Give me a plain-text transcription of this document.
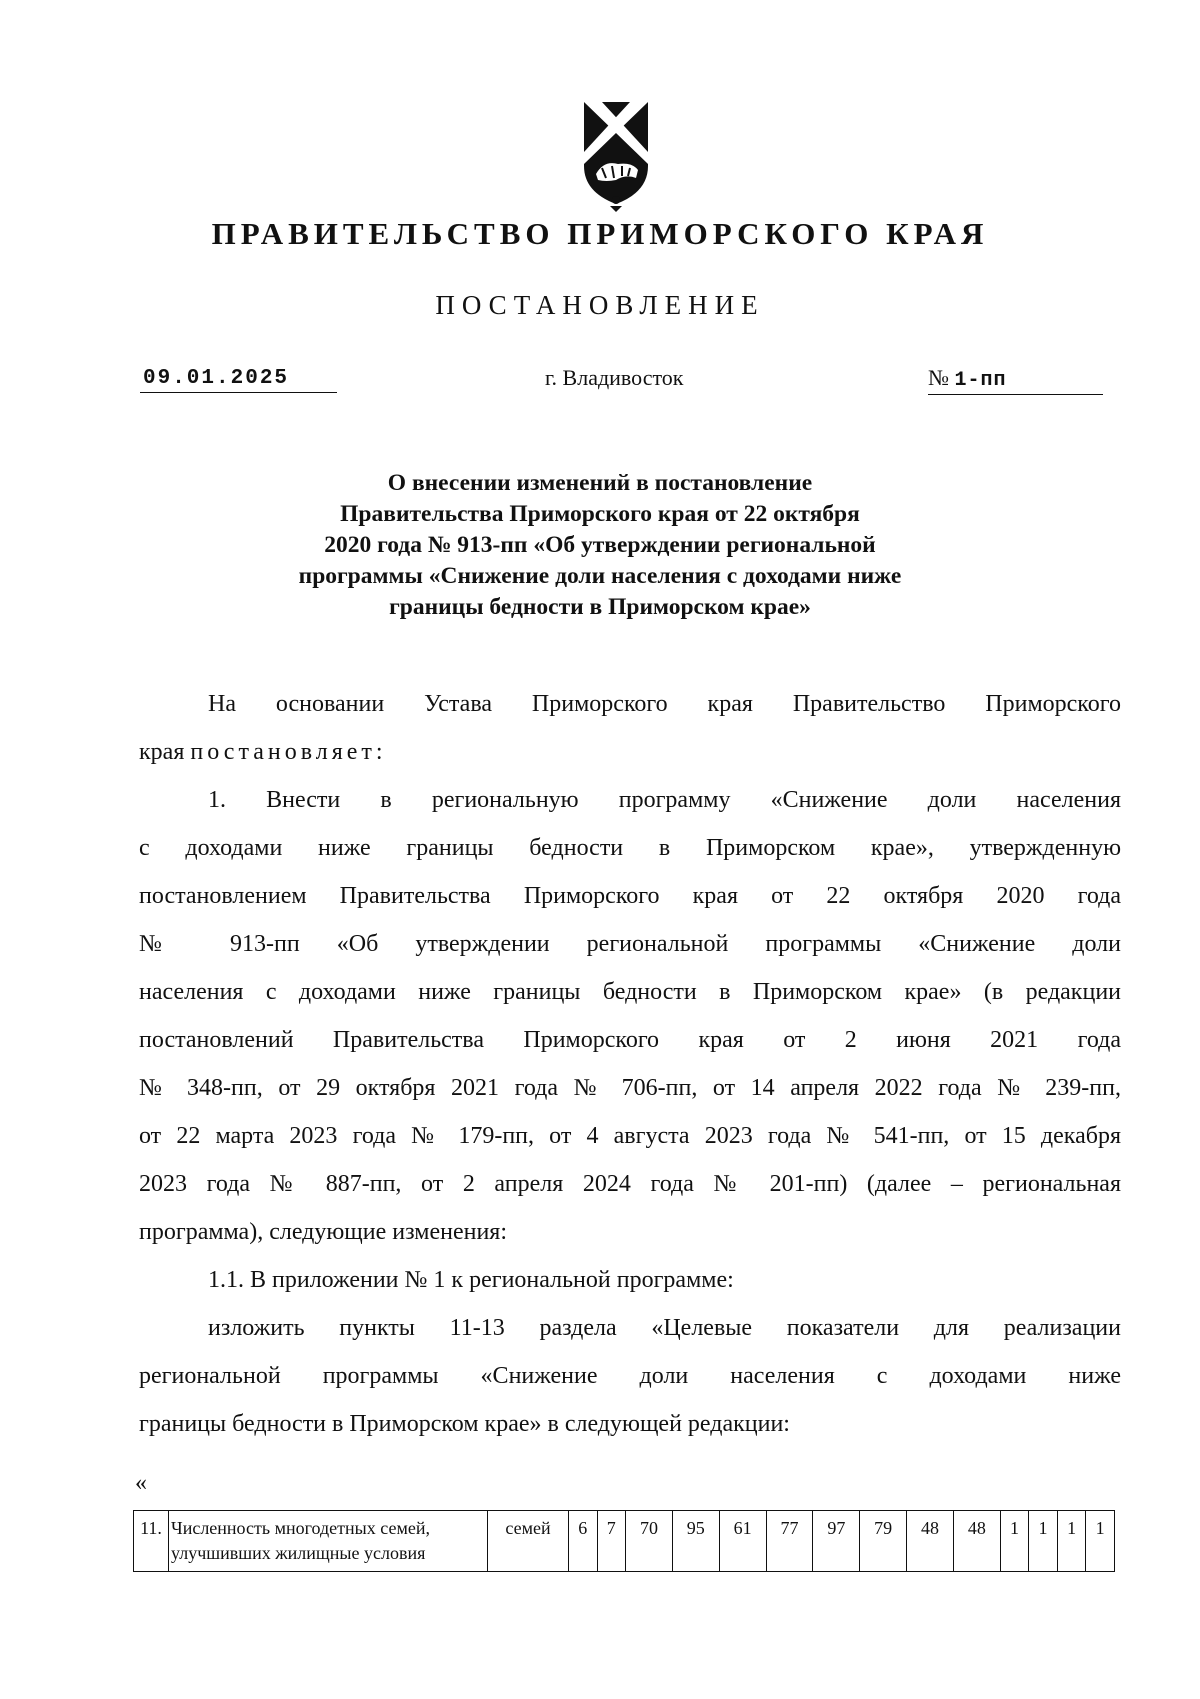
ПРАВИТЕЛЬСТВО ПРИМОРСКОГО КРАЯ
ПОСТАНОВЛЕНИЕ
09.01.2025	г. Владивосток	№ 1-пп
О внесении изменений в постановление
Правительства Приморского края от 22 октября
2020 года № 913-пп «Об утверждении региональной
программы «Снижение доли населения с доходами ниже
границы бедности в Приморском крае»
На основании Устава Приморского края Правительство Приморского
края постановляет:
1. Внести в региональную программу «Снижение доли населения
с доходами ниже границы бедности в Приморском крае», утвержденную
постановлением Правительства Приморского края от 22 октября 2020 года
№ 913-пп «Об утверждении региональной программы «Снижение доли
населения с доходами ниже границы бедности в Приморском крае» (в редакции
постановлений Правительства Приморского края от 2 июня 2021 года
№ 348-пп, от 29 октября 2021 года № 706-пп, от 14 апреля 2022 года № 239-пп,
от 22 марта 2023 года № 179-пп, от 4 августа 2023 года № 541-пп, от 15 декабря
2023 года № 887-пп, от 2 апреля 2024 года № 201-пп) (далее – региональная
программа), следующие изменения:
1.1. В приложении № 1 к региональной программе:
изложить пункты 11-13 раздела «Целевые показатели для реализации
региональной программы «Снижение доли населения с доходами ниже
границы бедности в Приморском крае» в следующей редакции:
«
11.	Численность многодетных семей, улучшивших жилищные условия	семей	6	7	70	95	61	77	97	79	48	48	1	1	1	1
